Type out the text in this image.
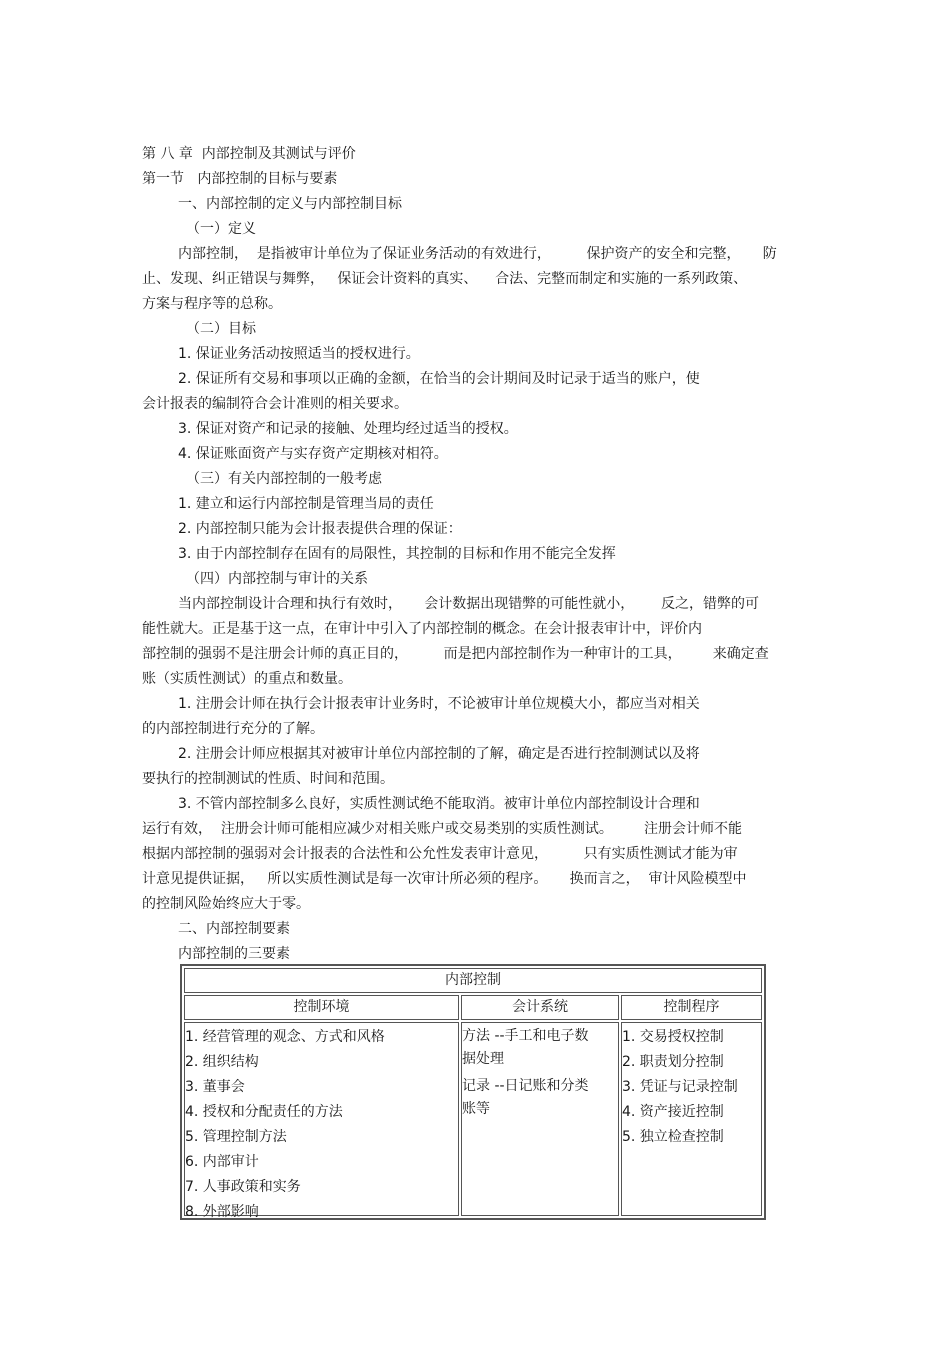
第 八 章  内部控制及其测试与评价

第一节   内部控制的目标与要素

一、内部控制的定义与内部控制目标

（一）定义

内部控制，  是指被审计单位为了保证业务活动的有效进行，        保护资产的安全和完整，     防

止、发现、纠正错误与舞弊，   保证会计资料的真实、    合法、完整而制定和实施的一系列政策、

方案与程序等的总称。

（二）目标

1. 保证业务活动按照适当的授权进行。

2. 保证所有交易和事项以正确的金额，在恰当的会计期间及时记录于适当的账户，使

会计报表的编制符合会计准则的相关要求。

3. 保证对资产和记录的接触、处理均经过适当的授权。

4. 保证账面资产与实存资产定期核对相符。

（三）有关内部控制的一般考虑

1. 建立和运行内部控制是管理当局的责任

2. 内部控制只能为会计报表提供合理的保证：

3. 由于内部控制存在固有的局限性，其控制的目标和作用不能完全发挥

（四）内部控制与审计的关系

当内部控制设计合理和执行有效时，     会计数据出现错弊的可能性就小，      反之，错弊的可

能性就大。正是基于这一点，在审计中引入了内部控制的概念。在会计报表审计中，评价内

部控制的强弱不是注册会计师的真正目的，        而是把内部控制作为一种审计的工具，       来确定查

账（实质性测试）的重点和数量。

1. 注册会计师在执行会计报表审计业务时，不论被审计单位规模大小，都应当对相关

的内部控制进行充分的了解。

2. 注册会计师应根据其对被审计单位内部控制的了解，确定是否进行控制测试以及将

要执行的控制测试的性质、时间和范围。

3. 不管内部控制多么良好，实质性测试绝不能取消。被审计单位内部控制设计合理和

运行有效，  注册会计师可能相应减少对相关账户或交易类别的实质性测试。       注册会计师不能

根据内部控制的强弱对会计报表的合法性和公允性发表审计意见，        只有实质性测试才能为审

计意见提供证据，   所以实质性测试是每一次审计所必须的程序。     换而言之，  审计风险模型中

的控制风险始终应大于零。

二、内部控制要素

内部控制的三要素

内部控制
控制环境	会计系统	控制程序
1. 经营管理的观念、方式和风格
2. 组织结构
3. 董事会
4. 授权和分配责任的方法
5. 管理控制方法
6. 内部审计
7. 人事政策和实务
8. 外部影响
方法 --手工和电子数
据处理
记录 --日记账和分类
账等
1. 交易授权控制
2. 职责划分控制
3. 凭证与记录控制
4. 资产接近控制
5. 独立检查控制
